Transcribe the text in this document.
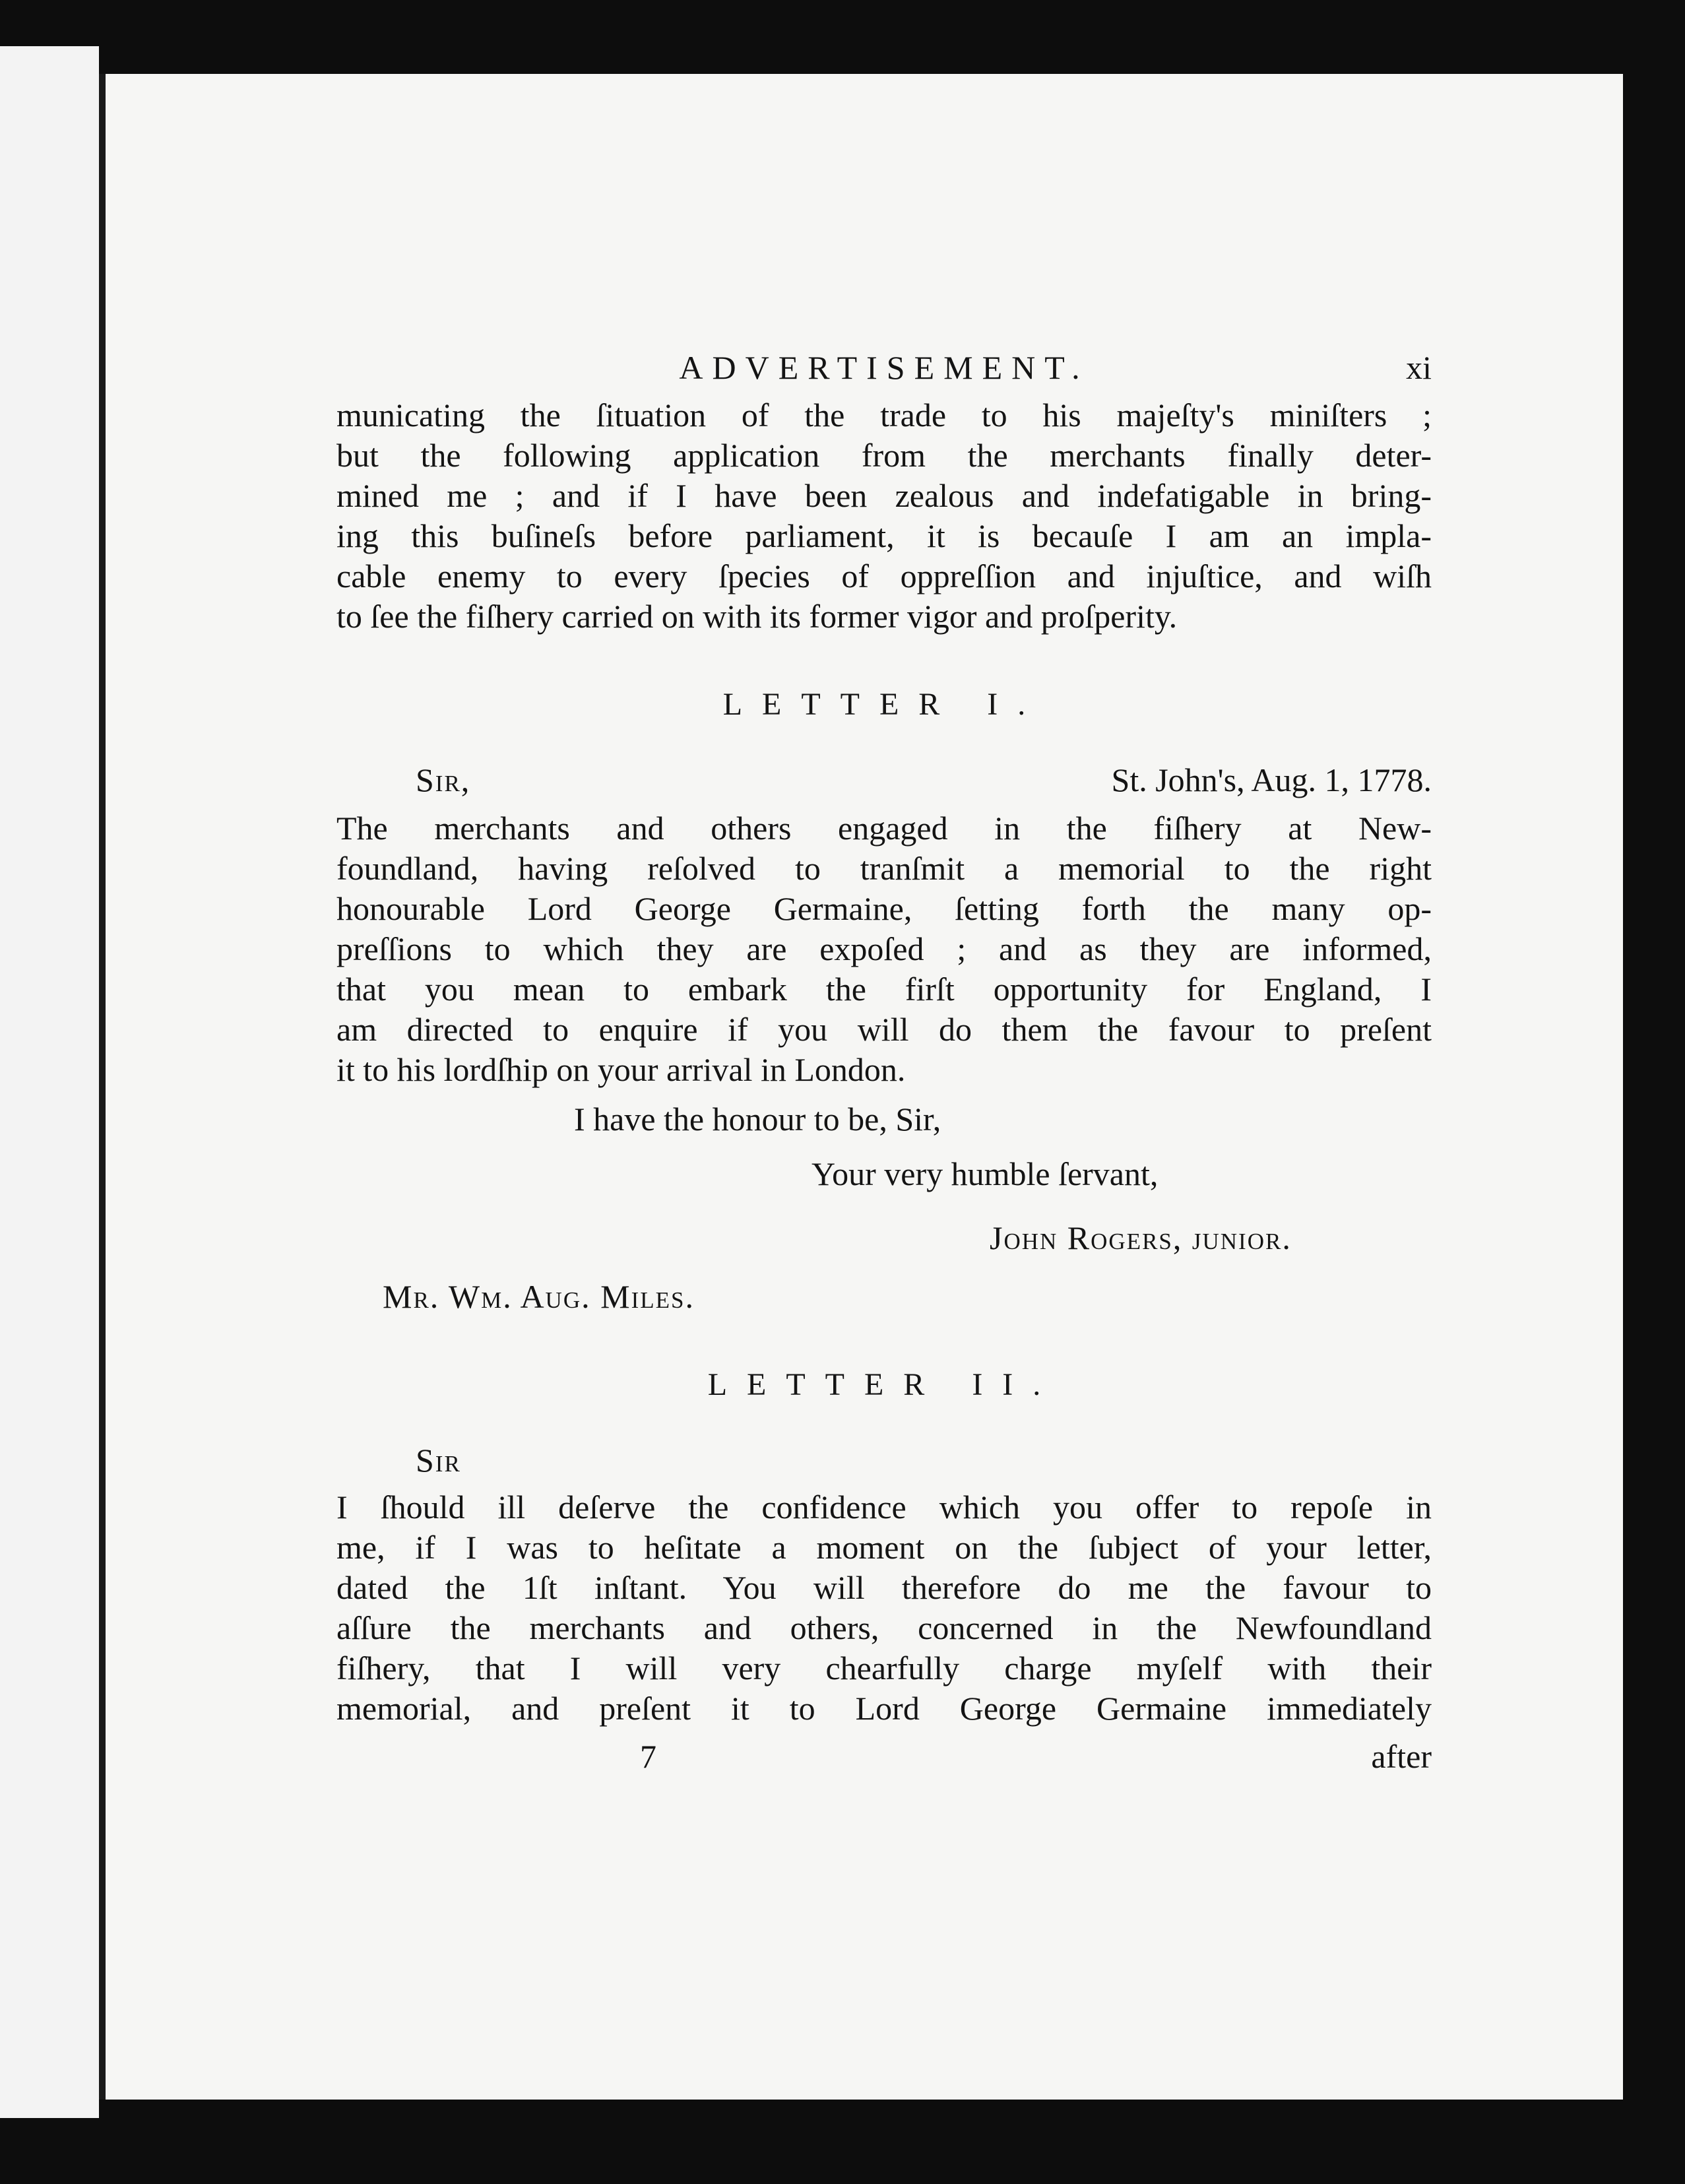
ADVERTISEMENT.	xi

municating the ſituation of the trade to his majeſty's miniſters ;

but the following application from the merchants finally deter-

mined me ; and if I have been zealous and indefatigable in bring-

ing this buſineſs before parliament, it is becauſe I am an impla-

cable enemy to every ſpecies of oppreſſion and injuſtice, and wiſh

to ſee the fiſhery carried on with its former vigor and proſperity.

LETTER I.
Sir,	St. John's, Aug. 1, 1778.

The merchants and others engaged in the fiſhery at New-

foundland, having reſolved to tranſmit a memorial to the right

honourable Lord George Germaine, ſetting forth the many op-

preſſions to which they are expoſed ; and as they are informed,

that you mean to embark the firſt opportunity for England, I

am directed to enquire if you will do them the favour to preſent

it to his lordſhip on your arrival in London.

I have the honour to be, Sir,
Your very humble ſervant,
John Rogers, junior.
Mr. Wm. Aug. Miles.
LETTER II.
Sir

I ſhould ill deſerve the confidence which you offer to repoſe in

me, if I was to heſitate a moment on the ſubject of your letter,

dated the 1ſt inſtant. You will therefore do me the favour to

aſſure the merchants and others, concerned in the Newfoundland

fiſhery, that I will very chearfully charge myſelf with their

memorial, and preſent it to Lord George Germaine immediately

7	after
